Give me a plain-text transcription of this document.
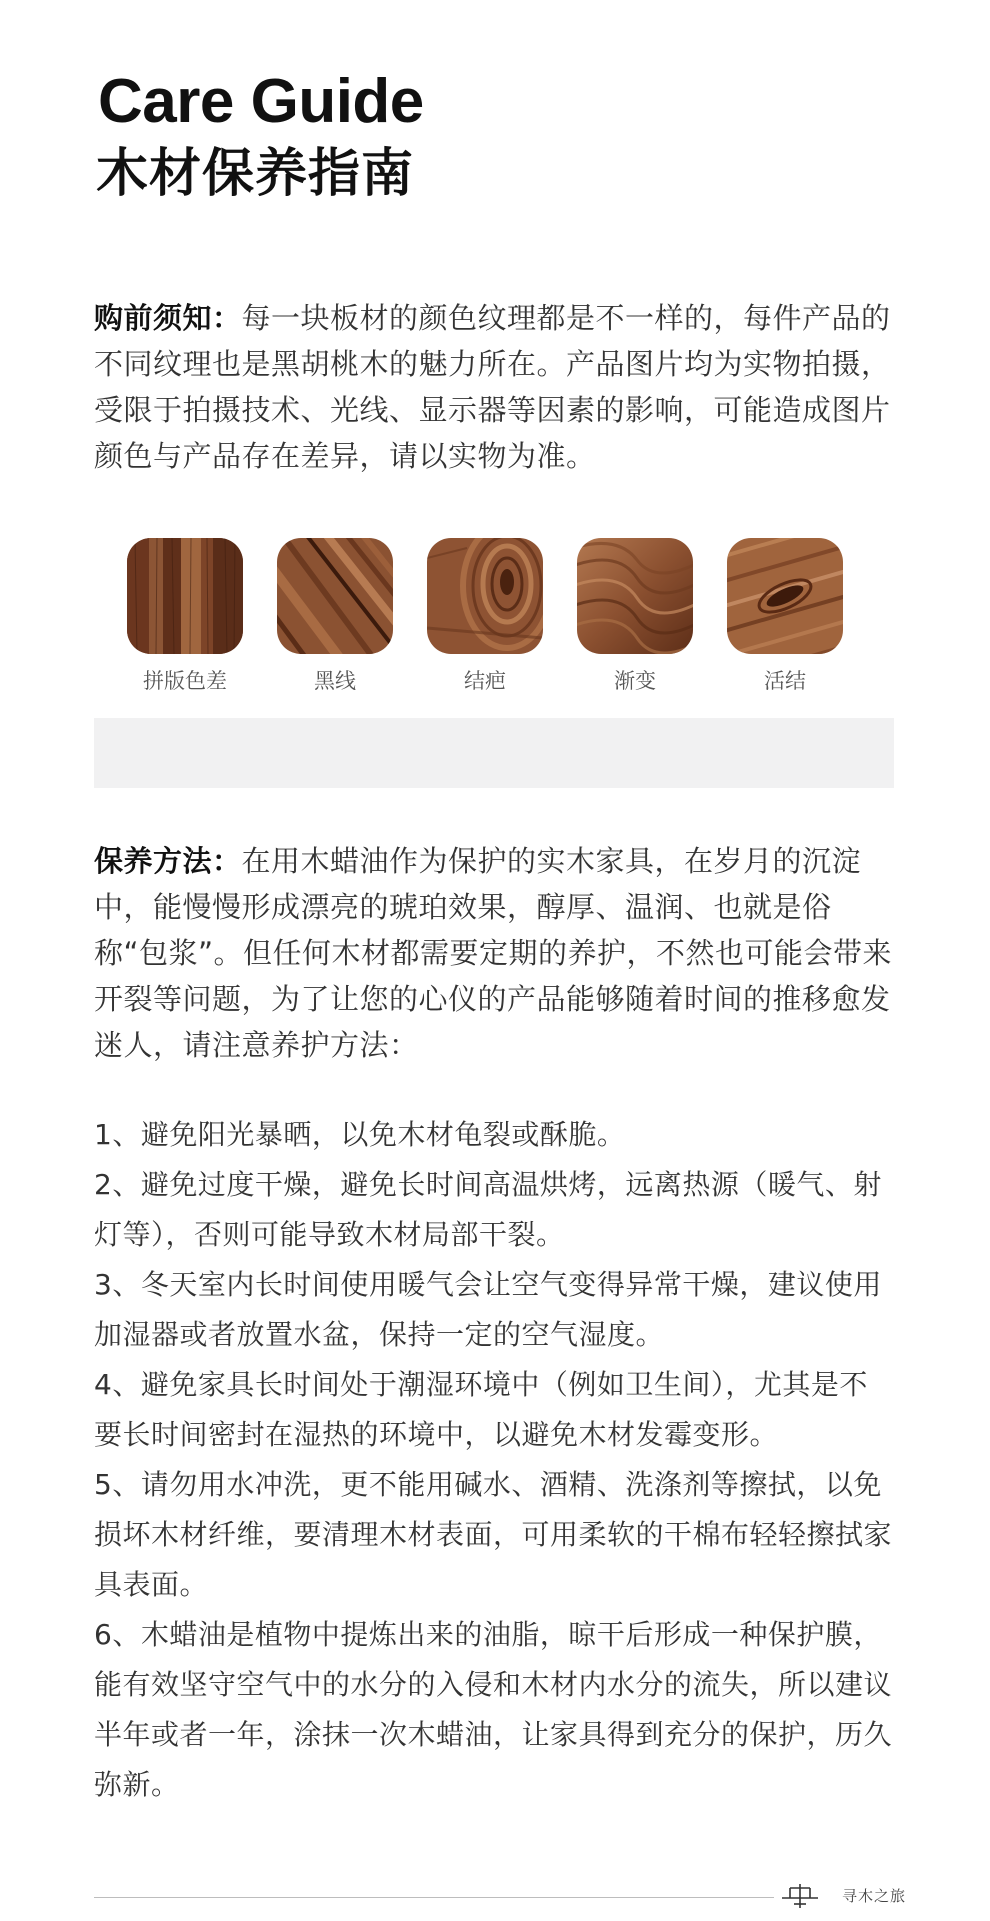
Care Guide
木材保养指南

购前须知：每一块板材的颜色纹理都是不一样的，每件产品的不同纹理也是黑胡桃木的魅力所在。产品图片均为实物拍摄，受限于拍摄技术、光线、显示器等因素的影响，可能造成图片颜色与产品存在差异，请以实物为准。

拼版色差	黑线	结疤	渐变	活结

保养方法：在用木蜡油作为保护的实木家具，在岁月的沉淀中，能慢慢形成漂亮的琥珀效果，醇厚、温润、也就是俗称“包浆”。但任何木材都需要定期的养护，不然也可能会带来开裂等问题，为了让您的心仪的产品能够随着时间的推移愈发迷人，请注意养护方法：

1、避免阳光暴晒，以免木材龟裂或酥脆。
2、避免过度干燥，避免长时间高温烘烤，远离热源（暖气、射灯等），否则可能导致木材局部干裂。
3、冬天室内长时间使用暖气会让空气变得异常干燥，建议使用加湿器或者放置水盆，保持一定的空气湿度。
4、避免家具长时间处于潮湿环境中（例如卫生间），尤其是不要长时间密封在湿热的环境中，以避免木材发霉变形。
5、请勿用水冲洗，更不能用碱水、酒精、洗涤剂等擦拭，以免损坏木材纤维，要清理木材表面，可用柔软的干棉布轻轻擦拭家具表面。
6、木蜡油是植物中提炼出来的油脂，晾干后形成一种保护膜，能有效坚守空气中的水分的入侵和木材内水分的流失，所以建议半年或者一年，涂抹一次木蜡油，让家具得到充分的保护，历久弥新。
寻木之旅
